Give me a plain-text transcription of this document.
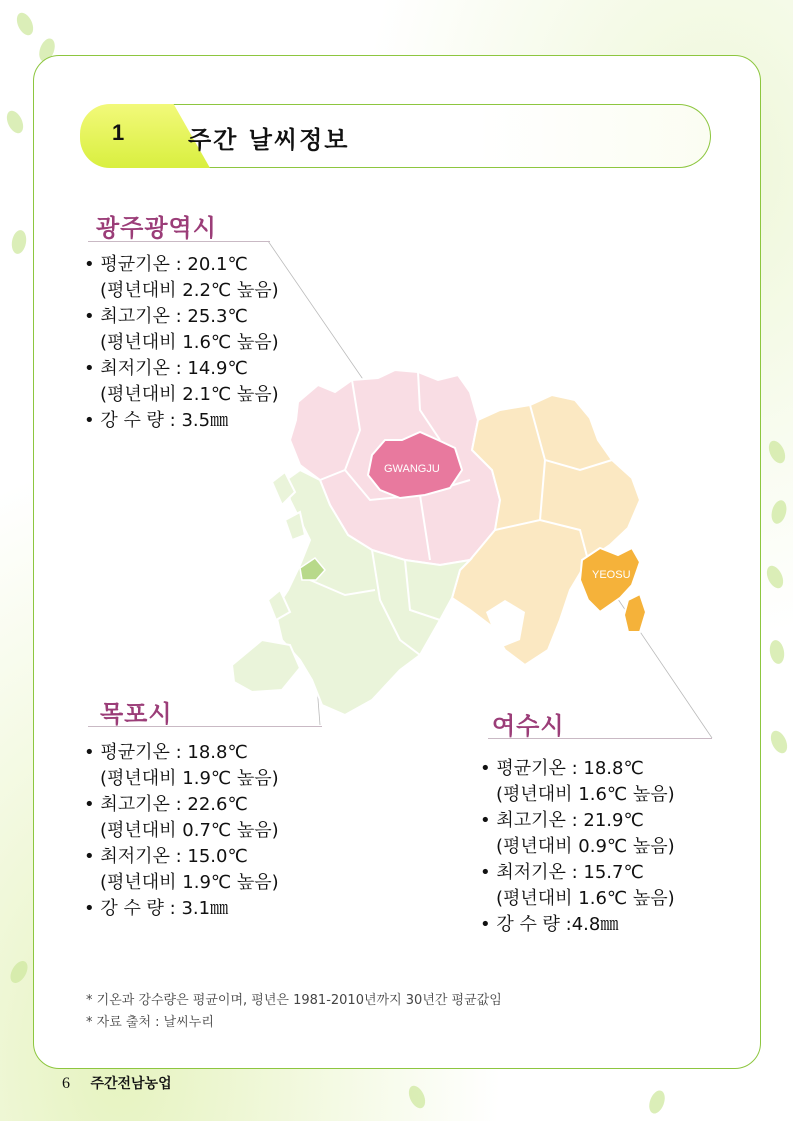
1	주간 날씨정보
GWANGJU
YEOSU
광주광역시
• 평균기온 : 20.1℃
(평년대비 2.2℃ 높음)
• 최고기온 : 25.3℃
(평년대비 1.6℃ 높음)
• 최저기온 : 14.9℃
(평년대비 2.1℃ 높음)
• 강 수 량 : 3.5㎜
목포시
• 평균기온 : 18.8℃
(평년대비 1.9℃ 높음)
• 최고기온 : 22.6℃
(평년대비 0.7℃ 높음)
• 최저기온 : 15.0℃
(평년대비 1.9℃ 높음)
• 강 수 량 : 3.1㎜
여수시
• 평균기온 : 18.8℃
(평년대비 1.6℃ 높음)
• 최고기온 : 21.9℃
(평년대비 0.9℃ 높음)
• 최저기온 : 15.7℃
(평년대비 1.6℃ 높음)
• 강 수 량 :4.8㎜
* 기온과 강수량은 평균이며, 평년은 1981-2010년까지 30년간 평균값임
* 자료 출처 : 날씨누리
6 주간전남농업
